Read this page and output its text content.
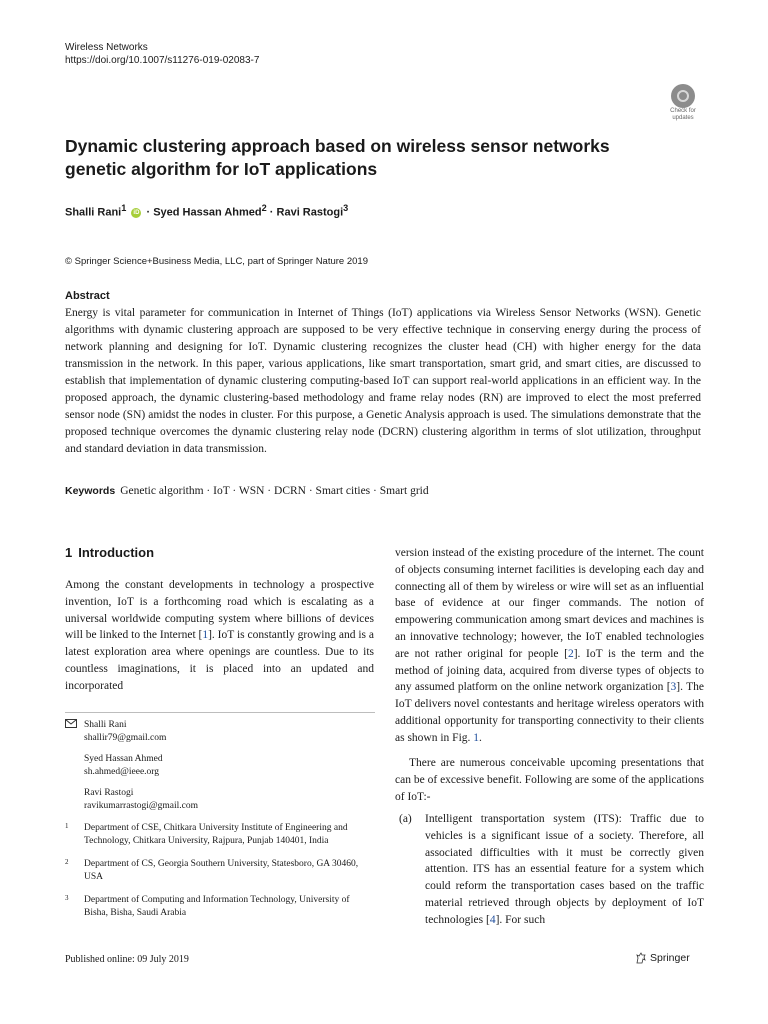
Wireless Networks
https://doi.org/10.1007/s11276-019-02083-7
Check for
updates
Dynamic clustering approach based on wireless sensor networks genetic algorithm for IoT applications
Shalli Rani$^1$ iD · Syed Hassan Ahmed$^2$ · Ravi Rastogi$^3$
© Springer Science+Business Media, LLC, part of Springer Nature 2019
Abstract

Energy is vital parameter for communication in Internet of Things (IoT) applications via Wireless Sensor Networks (WSN). Genetic algorithms with dynamic clustering approach are supposed to be very effective technique in conserving energy during the process of network planning and designing for IoT. Dynamic clustering recognizes the cluster head (CH) with higher energy for the data transmission in the network. In this paper, various applications, like smart transportation, smart grid, and smart cities, are discussed to establish that implementation of dynamic clustering computing-based IoT can support real-world applications in an efficient way. In the proposed approach, the dynamic clustering-based methodology and frame relay nodes (RN) are improved to elect the most preferred sensor node (SN) amidst the nodes in cluster. For this purpose, a Genetic Analysis approach is used. The simulations demonstrate that the proposed technique overcomes the dynamic clustering relay node (DCRN) clustering algorithm in terms of slot utilization, throughput and standard deviation in data transmission.

Keywords Genetic algorithm · IoT · WSN · DCRN · Smart cities · Smart grid
1 Introduction

Among the constant developments in technology a prospective invention, IoT is a forthcoming road which is escalating as a universal worldwide computing system where billions of devices will be linked to the Internet [1]. IoT is constantly growing and is a latest exploration area where openings are countless. Due to its countless imaginations, it is placed into an updated and incorporated

Shalli Rani
shallir79@gmail.com
Syed Hassan Ahmed
sh.ahmed@ieee.org
Ravi Rastogi
ravikumarrastogi@gmail.com
1 Department of CSE, Chitkara University Institute of Engineering and Technology, Chitkara University, Rajpura, Punjab 140401, India
2 Department of CS, Georgia Southern University, Statesboro, GA 30460, USA
3 Department of Computing and Information Technology, University of Bisha, Bisha, Saudi Arabia

version instead of the existing procedure of the internet. The count of objects consuming internet facilities is developing each day and connecting all of them by wireless or wire will set as an influential base of evidence at our finger commands. The notion of empowering communication among smart devices and machines is an innovative technology; however, the IoT enabled technologies are not rather original for people [2]. IoT is the term and the method of joining data, acquired from diverse types of objects to any assumed platform on the online network organization [3]. The IoT delivers novel contestants and heritage wireless operators with additional opportunity for transporting connectivity to their clients as shown in Fig. 1.

There are numerous conceivable upcoming presentations that can be of excessive benefit. Following are some of the applications of IoT:-

(a) Intelligent transportation system (ITS): Traffic due to vehicles is a significant issue of a society. Therefore, all associated difficulties with it must be correctly given attention. ITS has an essential feature for a system which could reform the transportation cases based on the traffic material retrieved through objects by deployment of IoT technologies [4]. For such
Published online: 09 July 2019	Springer
